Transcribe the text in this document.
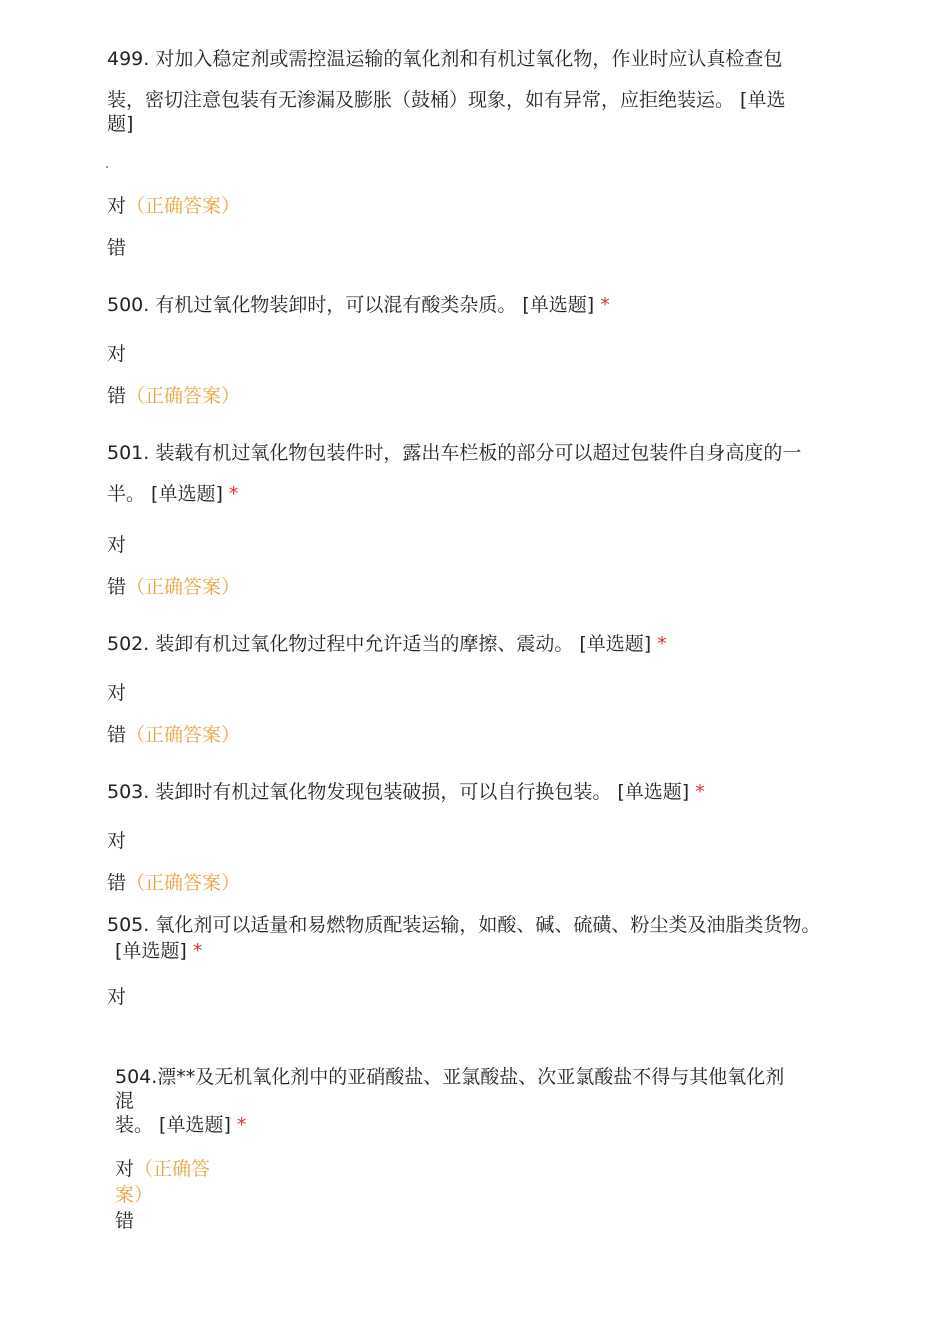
499. 对加入稳定剂或需控温运输的氧化剂和有机过氧化物，作业时应认真检查包
装，密切注意包装有无渗漏及膨胀（鼓桶）现象，如有异常，应拒绝装运。 [单选
题]
对（正确答案）
错
500. 有机过氧化物装卸时，可以混有酸类杂质。 [单选题] *
对
错（正确答案）
501. 装载有机过氧化物包装件时，露出车栏板的部分可以超过包装件自身高度的一
半。 [单选题] *
对
错（正确答案）
502. 装卸有机过氧化物过程中允许适当的摩擦、震动。 [单选题] *
对
错（正确答案）
503. 装卸时有机过氧化物发现包装破损，可以自行换包装。 [单选题] *
对
错（正确答案）
505. 氧化剂可以适量和易燃物质配装运输，如酸、碱、硫磺、粉尘类及油脂类货物。
[单选题] *
对
504.漂**及无机氧化剂中的亚硝酸盐、亚氯酸盐、次亚氯酸盐不得与其他氧化剂
混
装。 [单选题] *
对（正确答
案）
错
